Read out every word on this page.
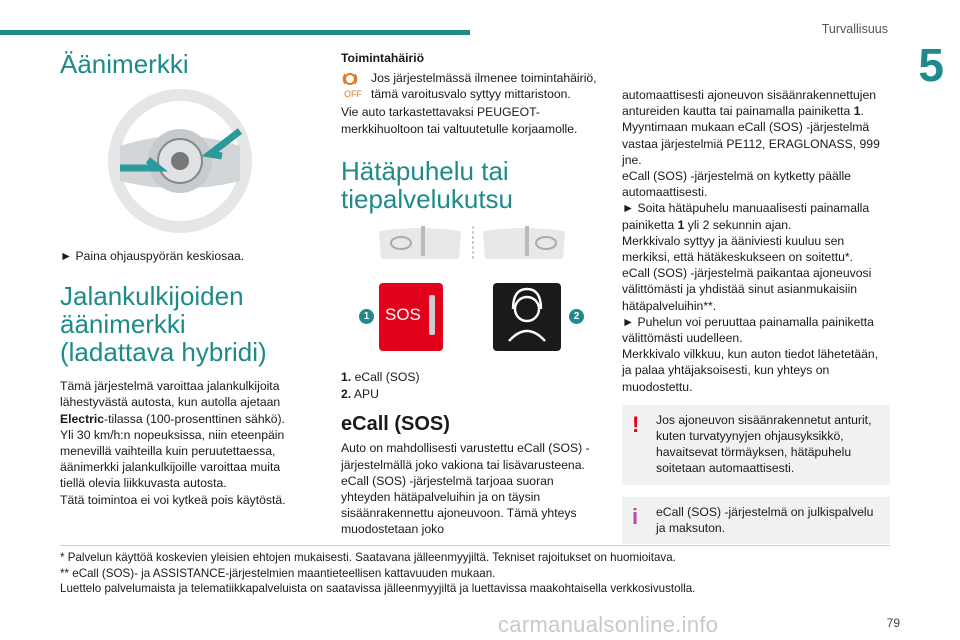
Turvallisuus
5
Äänimerkki

► Paina ohjauspyörän keskiosaa.

Jalankulkijoiden äänimerkki (ladattava hybridi)

Tämä järjestelmä varoittaa jalankulkijoita lähestyvästä autosta, kun autolla ajetaan Electric-tilassa (100-prosenttinen sähkö).

Yli 30 km/h:n nopeuksissa, niin eteenpäin menevillä vaihteilla kuin peruutettaessa, äänimerkki jalankulkijoille varoittaa muita tiellä olevia liikkuvasta autosta.

Tätä toimintoa ei voi kytkeä pois käytöstä.

Toimintahäiriö

OFF

Jos järjestelmässä ilmenee toimintahäiriö, tämä varoitusvalo syttyy mittaristoon.

Vie auto tarkastettavaksi PEUGEOT-merkkihuoltoon tai valtuutetulle korjaamolle.

Hätäpuhelu tai tiepalvelukutsu
SOS
1	2
1. eCall (SOS)
2. APU
eCall (SOS)

Auto on mahdollisesti varustettu eCall (SOS) -järjestelmällä joko vakiona tai lisävarusteena. eCall (SOS) -järjestelmä tarjoaa suoran yhteyden hätäpalveluihin ja on täysin sisäänrakennettu ajoneuvoon. Tämä yhteys muodostetaan joko

automaattisesti ajoneuvon sisäänrakennettujen antureiden kautta tai painamalla painiketta 1.

Myyntimaan mukaan eCall (SOS) -järjestelmä vastaa järjestelmiä PE112, ERAGLONASS, 999 jne.

eCall (SOS) -järjestelmä on kytketty päälle automaattisesti.

► Soita hätäpuhelu manuaalisesti painamalla painiketta 1 yli 2 sekunnin ajan.

Merkkivalo syttyy ja ääniviesti kuuluu sen merkiksi, että hätäkeskukseen on soitettu*.

eCall (SOS) -järjestelmä paikantaa ajoneuvosi välittömästi ja yhdistää sinut asianmukaisiin hätäpalveluihin**.

► Puhelun voi peruuttaa painamalla painiketta välittömästi uudelleen.

Merkkivalo vilkkuu, kun auton tiedot lähetetään, ja palaa yhtäjaksoisesti, kun yhteys on muodostettu.

! Jos ajoneuvon sisäänrakennetut anturit, kuten turvatyynyjen ohjausyksikkö, havaitsevat törmäyksen, hätäpuhelu soitetaan automaattisesti.

i eCall (SOS) -järjestelmä on julkispalvelu ja maksuton.

* Palvelun käyttöä koskevien yleisien ehtojen mukaisesti. Saatavana jälleenmyyjiltä. Tekniset rajoitukset on huomioitava.

** eCall (SOS)- ja ASSISTANCE-järjestelmien maantieteellisen kattavuuden mukaan.

Luettelo palvelumaista ja telematiikkapalveluista on saatavissa jälleenmyyjiltä ja luettavissa maakohtaisella verkkosivustolla.

carmanualsonline.info	79
